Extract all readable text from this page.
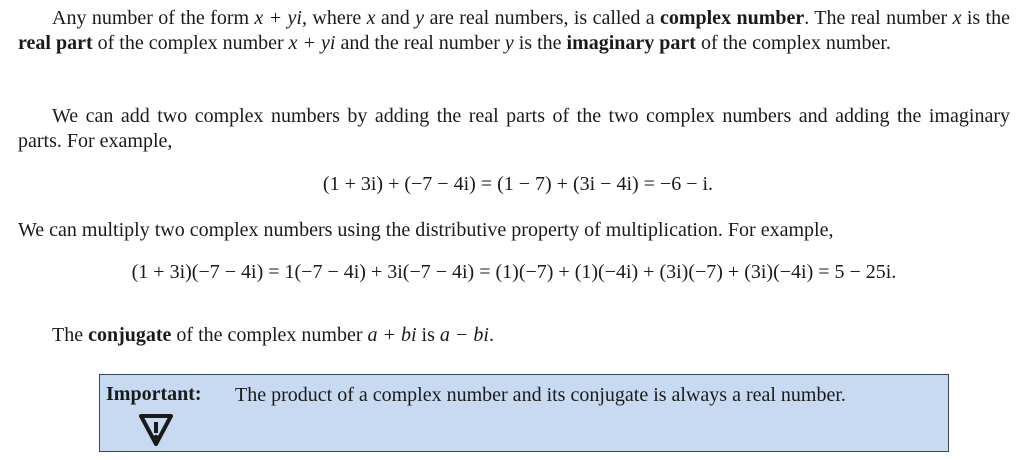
Any number of the form x + yi, where x and y are real numbers, is called a complex number. The real number x is the real part of the complex number x + yi and the real number y is the imaginary part of the complex number.

We can add two complex numbers by adding the real parts of the two complex numbers and adding the imaginary parts. For example,

(1 + 3i) + (−7 − 4i) = (1 − 7) + (3i − 4i) = −6 − i.

We can multiply two complex numbers using the distributive property of multiplication. For example,

(1 + 3i)(−7 − 4i) = 1(−7 − 4i) + 3i(−7 − 4i) = (1)(−7) + (1)(−4i) + (3i)(−7) + (3i)(−4i) = 5 − 25i.

The conjugate of the complex number a + bi is a − bi.

Important: The product of a complex number and its conjugate is always a real number.
